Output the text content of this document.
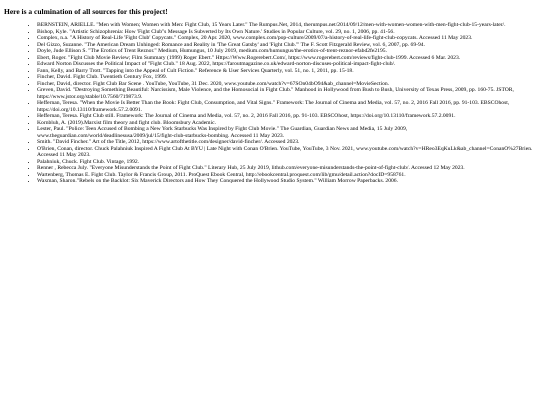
Here is a culmination of all sources for this project!
• BERNSTEIN, ARIELLE. "Men with Women; Women with Men: Fight Club, 15 Years Later." The Rumpus.Net, 2014, therumpus.net/2014/09/12/men-with-women-women-with-men-fight-club-15-years-later/.
• Bishop, Kyle. "Artistic Schizophrenia: How 'Fight Club''s Message Is Subverted by Its Own Nature.' Studies in Popular Culture, vol. 29, no. 1, 2006, pp. 41-56.
• Complex, n.a. "A History of Real-Life 'Fight Club' Copycats." Complex, 20 Apr. 2020, www.complex.com/pop-culture/2009/07/a-history-of-real-life-fight-club-copycats. Accessed 11 May 2023.
• Del Gizzo, Suzanne. "The American Dream Unhinged: Romance and Reality in 'The Great Gatsby' and 'Fight Club.'" The F. Scott Fitzgerald Review, vol. 6, 2007, pp. 69-94.
• Doyle, Jude Ellison S. "The Erotics of Trent Reznor." Medium, Humungus, 10 July 2019, medium.com/humungus/the-erotics-of-trent-reznor-efabd2fe2195.
• Ebert, Roger. "Fight Club Movie Review; Film Summary (1999) Roger Ebert." Https://Www.Rogerebert.Com/, https://www.rogerebert.com/reviews/fight-club-1999. Accessed 6 Mar. 2023.
• Edward Norton Discusses the Political Impact of "Fight Club." 18 Aug. 2022, https://faroutmagazine.co.uk/edward-norton-discuses-political-impact-fight-club/.
• Fann, Kelly, and Barry Trott. "Tapping into the Appeal of Cult Fiction." Reference & User Services Quarterly, vol. 51, no. 1, 2011, pp. 15-18.
• Fincher, David. Fight Club. Twentieth Century Fox, 1999.
• Fincher, David, director. Fight Club Bar Scene . YouTube, YouTube, 31 Dec. 2020, www.youtube.com/watch?v=67SOn04bO94&ab_channel=MovieSection.
• Greven, David. "Destroying Something Beautiful: Narcissism, Male Violence, and the Homosocial in Fight Club." Manhood in Hollywood from Bush to Bush, University of Texas Press, 2009, pp. 160-75. JSTOR, https://www.jstor.org/stable/10.7560/719873.9.
• Heffernan, Teresa. "When the Movie Is Better Than the Book: Fight Club, Consumption, and Vital Signs." Framework: The Journal of Cinema and Media, vol. 57, no. 2, 2016 Fall 2016, pp. 91-103. EBSCOhost, https://doi.org/10.13110/framework.57.2.0091.
• Heffernan, Teresa. Fight Club still. Framework: The Journal of Cinema and Media, vol. 57, no. 2, 2016 Fall 2016, pp. 91-103. EBSCOhost, https://doi.org/10.13110/framework.57.2.0091.
• Kornbluh, A. (2019).Marxist film theory and fight club. Bloomsbury Academic.
• Lester, Paul. "Police: Teen Accused of Bombing a New York Starbucks Was Inspired by Fight Club Movie." The Guardian, Guardian News and Media, 15 July 2009, www.theguardian.com/world/deadlinesusa/2009/jul/15/fight-club-starbucks-bombing. Accessed 11 May 2023.
• Smith. "David Fincher." Art of the Title, 2012, https://www.artofthetitle.com/designer/david-fincher/. Accessed 2023.
• O'Brien, Conan, director. Chuck Palahniuk Inspired A Fight Club At BYU | Late Night with Conan O'Brien. YouTube, YouTube, 3 Nov. 2021, www.youtube.com/watch?v=HReo3EqKuLk&ab_channel=ConanO%27Brien. Accessed 11 May 2023.
• Palahniuk, Chuck. Fight Club. Vintage, 1992.
• Renner , Rebecca July. "Everyone Misunderstands the Point of Fight Club." Literary Hub, 25 July 2019, lithub.com/everyone-misunderstands-the-point-of-fight-club/. Accessed 12 May 2023.
• Wartenberg, Thomas E. Fight Club. Taylor & Francis Group, 2011. ProQuest Ebook Central, http://ebookcentral.proquest.com/lib/gmu/detail.action?docID=958761.
• Waxman, Sharon."Rebels on the Backlot: Six Maverick Directors and How They Conquered the Hollywood Studio System." William Morrow Paperbacks. 2006.
